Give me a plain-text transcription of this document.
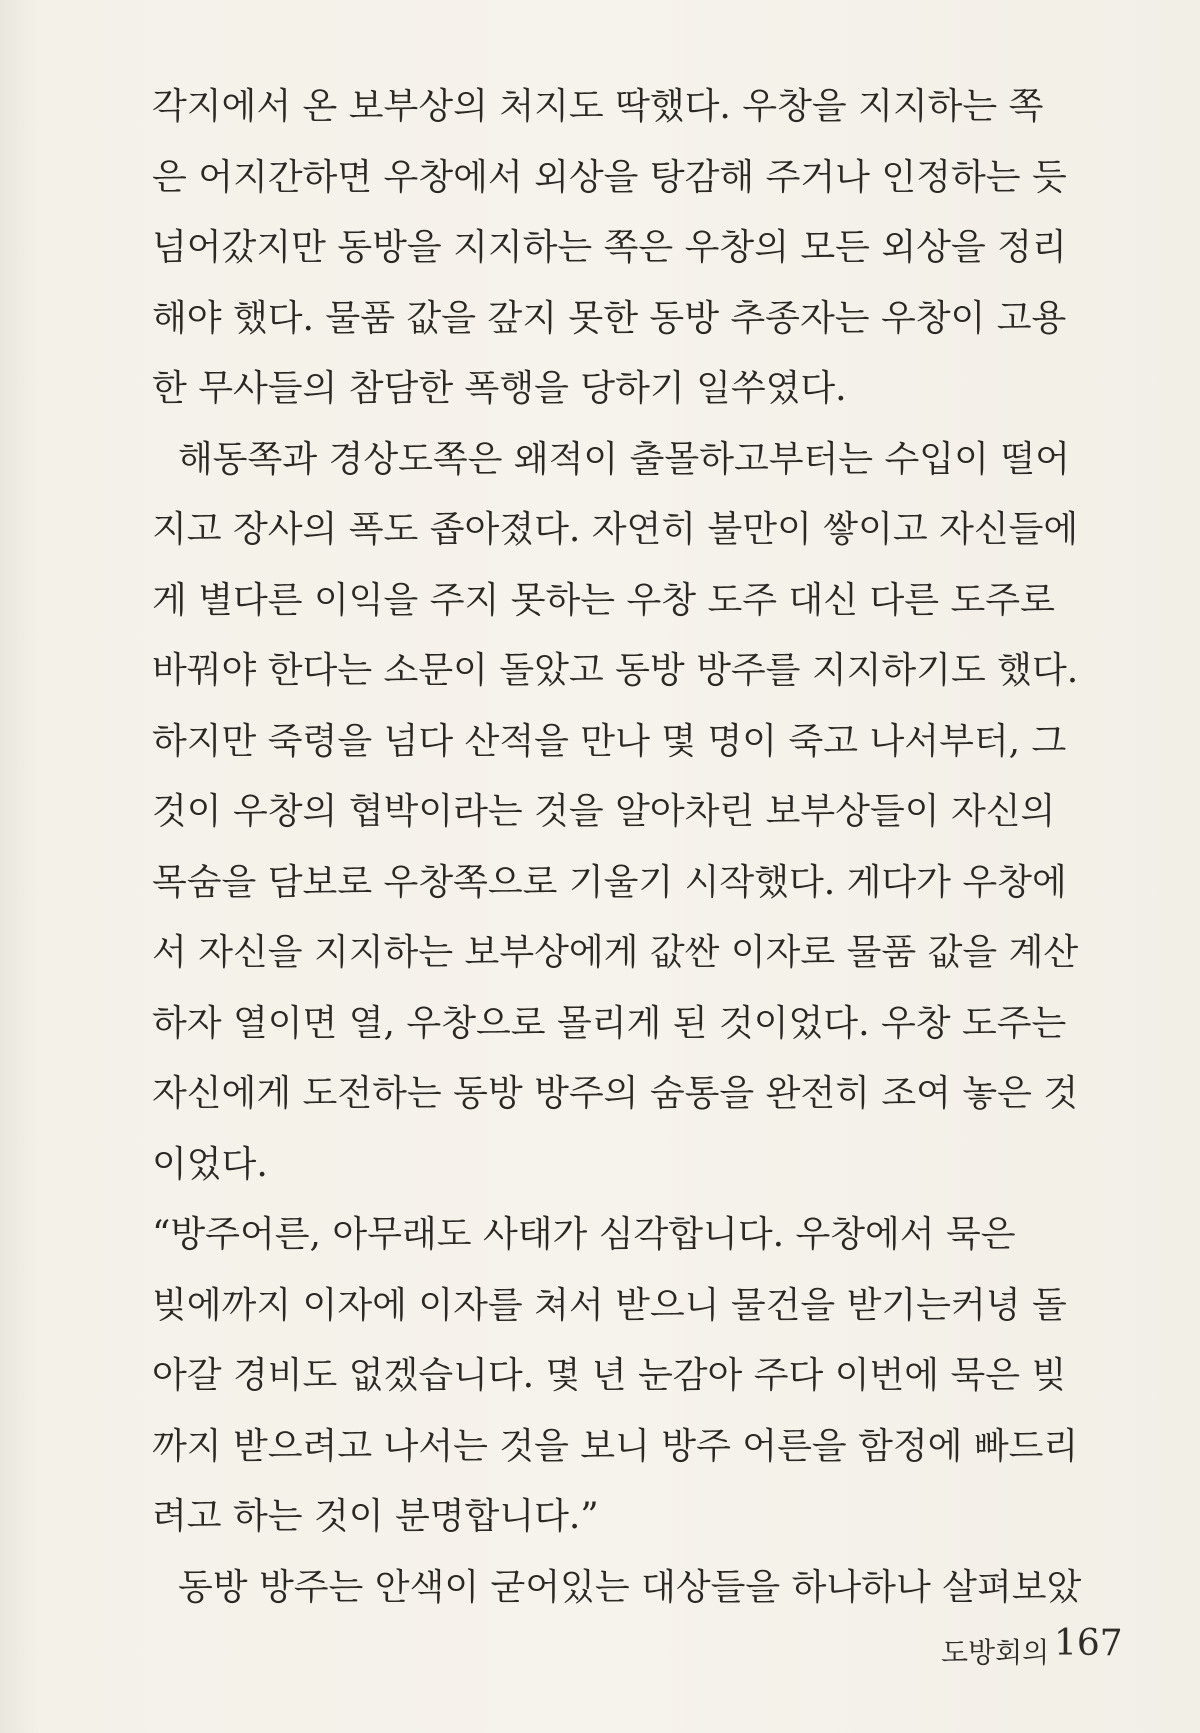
각지에서 온 보부상의 처지도 딱했다. 우창을 지지하는 쪽
은 어지간하면 우창에서 외상을 탕감해 주거나 인정하는 듯
넘어갔지만 동방을 지지하는 쪽은 우창의 모든 외상을 정리
해야 했다. 물품 값을 갚지 못한 동방 추종자는 우창이 고용
한 무사들의 참담한 폭행을 당하기 일쑤였다.
해동쪽과 경상도쪽은 왜적이 출몰하고부터는 수입이 떨어
지고 장사의 폭도 좁아졌다. 자연히 불만이 쌓이고 자신들에
게 별다른 이익을 주지 못하는 우창 도주 대신 다른 도주로
바꿔야 한다는 소문이 돌았고 동방 방주를 지지하기도 했다.
하지만 죽령을 넘다 산적을 만나 몇 명이 죽고 나서부터, 그
것이 우창의 협박이라는 것을 알아차린 보부상들이 자신의
목숨을 담보로 우창쪽으로 기울기 시작했다. 게다가 우창에
서 자신을 지지하는 보부상에게 값싼 이자로 물품 값을 계산
하자 열이면 열, 우창으로 몰리게 된 것이었다. 우창 도주는
자신에게 도전하는 동방 방주의 숨통을 완전히 조여 놓은 것
이었다.
“방주어른, 아무래도 사태가 심각합니다. 우창에서 묵은
빚에까지 이자에 이자를 쳐서 받으니 물건을 받기는커녕 돌
아갈 경비도 없겠습니다. 몇 년 눈감아 주다 이번에 묵은 빚
까지 받으려고 나서는 것을 보니 방주 어른을 함정에 빠드리
려고 하는 것이 분명합니다.”
동방 방주는 안색이 굳어있는 대상들을 하나하나 살펴보았
도방회의 167
